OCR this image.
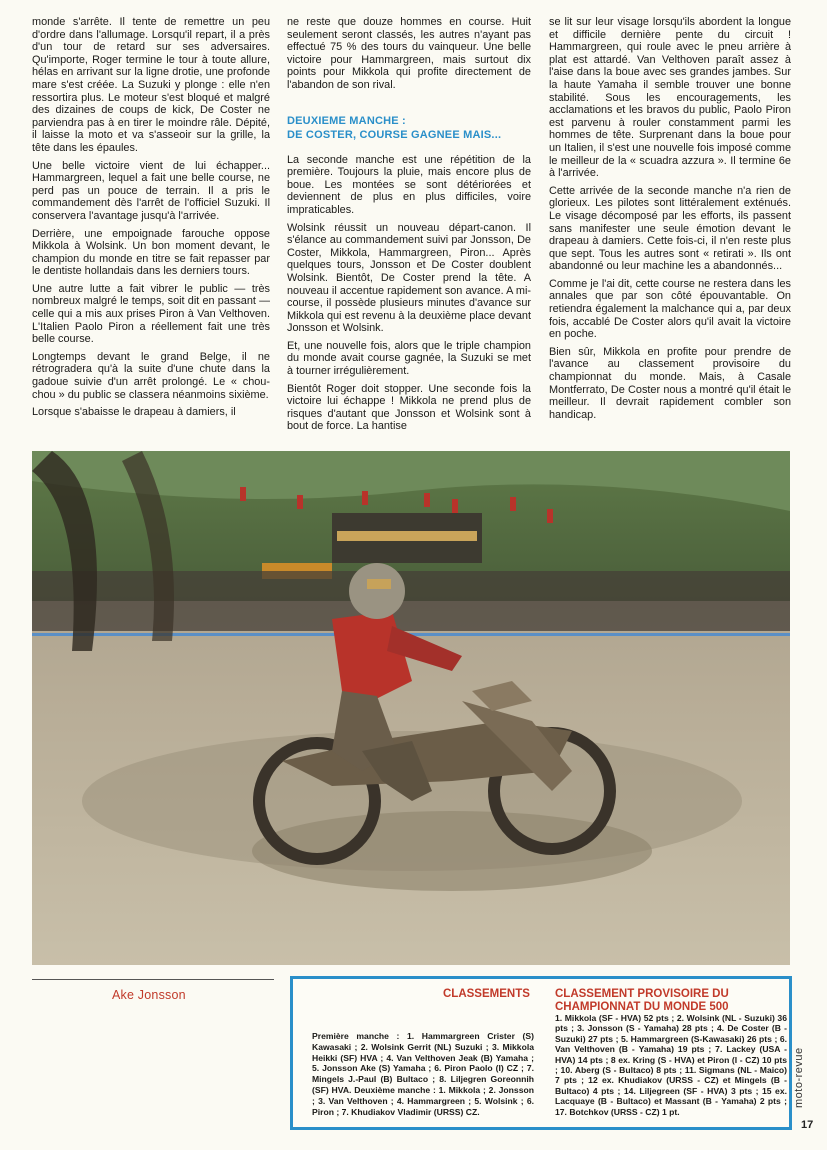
monde s'arrête. Il tente de remettre un peu d'ordre dans l'allumage. Lorsqu'il repart, il a près d'un tour de retard sur ses adversaires. Qu'importe, Roger termine le tour à toute allure, hélas en arrivant sur la ligne drotie, une profonde mare s'est créée. La Suzuki y plonge : elle n'en ressortira plus. Le moteur s'est bloqué et malgré des dizaines de coups de kick, De Coster ne parviendra pas à en tirer le moindre râle. Dépité, il laisse la moto et va s'asseoir sur la grille, la tête dans les épaules.

Une belle victoire vient de lui échapper... Hammargreen, lequel a fait une belle course, ne perd pas un pouce de terrain. Il a pris le commandement dès l'arrêt de l'officiel Suzuki. Il conservera l'avantage jusqu'à l'arrivée.

Derrière, une empoignade farouche oppose Mikkola à Wolsink. Un bon moment devant, le champion du monde en titre se fait repasser par le dentiste hollandais dans les derniers tours.

Une autre lutte a fait vibrer le public — très nombreux malgré le temps, soit dit en passant — celle qui a mis aux prises Piron à Van Velthoven. L'Italien Paolo Piron a réellement fait une très belle course.

Longtemps devant le grand Belge, il ne rétrogradera qu'à la suite d'une chute dans la gadoue suivie d'un arrêt prolongé. Le « chou-chou » du public se classera néanmoins sixième.

Lorsque s'abaisse le drapeau à damiers, il

ne reste que douze hommes en course. Huit seulement seront classés, les autres n'ayant pas effectué 75 % des tours du vainqueur. Une belle victoire pour Hammargreen, mais surtout dix points pour Mikkola qui profite directement de l'abandon de son rival.

DEUXIEME MANCHE :
DE COSTER, COURSE GAGNEE MAIS...

La seconde manche est une répétition de la première. Toujours la pluie, mais encore plus de boue. Les montées se sont détériorées et deviennent de plus en plus difficiles, voire impraticables.

Wolsink réussit un nouveau départ-canon. Il s'élance au commandement suivi par Jonsson, De Coster, Mikkola, Hammargreen, Piron... Après quelques tours, Jonsson et De Coster doublent Wolsink. Bientôt, De Coster prend la tête. A nouveau il accentue rapidement son avance. A mi-course, il possède plusieurs minutes d'avance sur Mikkola qui est revenu à la deuxième place devant Jonsson et Wolsink.

Et, une nouvelle fois, alors que le triple champion du monde avait course gagnée, la Suzuki se met à tourner irrégulièrement.

Bientôt Roger doit stopper. Une seconde fois la victoire lui échappe ! Mikkola ne prend plus de risques d'autant que Jonsson et Wolsink sont à bout de force. La hantise

se lit sur leur visage lorsqu'ils abordent la longue et difficile dernière pente du circuit ! Hammargreen, qui roule avec le pneu arrière à plat est attardé. Van Velthoven paraît assez à l'aise dans la boue avec ses grandes jambes. Sur la haute Yamaha il semble trouver une bonne stabilité. Sous les encouragements, les acclamations et les bravos du public, Paolo Piron est parvenu à rouler constamment parmi les hommes de tête. Surprenant dans la boue pour un Italien, il s'est une nouvelle fois imposé comme le meilleur de la « scuadra azzura ». Il termine 6e à l'arrivée.

Cette arrivée de la seconde manche n'a rien de glorieux. Les pilotes sont littéralement exténués. Le visage décomposé par les efforts, ils passent sans manifester une seule émotion devant le drapeau à damiers. Cette fois-ci, il n'en reste plus que sept. Tous les autres sont « retirati ». Ils ont abandonné ou leur machine les a abandonnés...

Comme je l'ai dit, cette course ne restera dans les annales que par son côté épouvantable. On retiendra également la malchance qui a, par deux fois, accablé De Coster alors qu'il avait la victoire en poche.

Bien sûr, Mikkola en profite pour prendre de l'avance au classement provisoire du championnat du monde. Mais, à Casale Montferrato, De Coster nous a montré qu'il était le meilleur. Il devrait rapidement combler son handicap.

Ake Jonsson	CLASSEMENTS CLASSEMENT PROVISOIRE DU CHAMPIONNAT DU MONDE 500
Première manche : 1. Hammargreen Crister (S) Kawasaki ; 2. Wolsink Gerrit (NL) Suzuki ; 3. Mikkola Heikki (SF) HVA ; 4. Van Velthoven Jeak (B) Yamaha ; 5. Jonsson Ake (S) Yamaha ; 6. Piron Paolo (I) CZ ; 7. Mingels J.-Paul (B) Bultaco ; 8. Liljegren Goreonnih (SF) HVA. Deuxième manche : 1. Mikkola ; 2. Jonsson ; 3. Van Velthoven ; 4. Hammargreen ; 5. Wolsink ; 6. Piron ; 7. Khudiakov Vladimir (URSS) CZ.
1. Mikkola (SF - HVA) 52 pts ; 2. Wolsink (NL - Suzuki) 36 pts ; 3. Jonsson (S - Yamaha) 28 pts ; 4. De Coster (B - Suzuki) 27 pts ; 5. Hammargreen (S-Kawasaki) 26 pts ; 6. Van Velthoven (B - Yamaha) 19 pts ; 7. Lackey (USA - HVA) 14 pts ; 8 ex. Kring (S - HVA) et Piron (I - CZ) 10 pts ; 10. Aberg (S - Bultaco) 8 pts ; 11. Sigmans (NL - Maico) 7 pts ; 12 ex. Khudiakov (URSS - CZ) et Mingels (B - Bultaco) 4 pts ; 14. Liljegreen (SF - HVA) 3 pts ; 15 ex. Lacquaye (B - Bultaco) et Massant (B - Yamaha) 2 pts ; 17. Botchkov (URSS - CZ) 1 pt.
moto-revue
17
